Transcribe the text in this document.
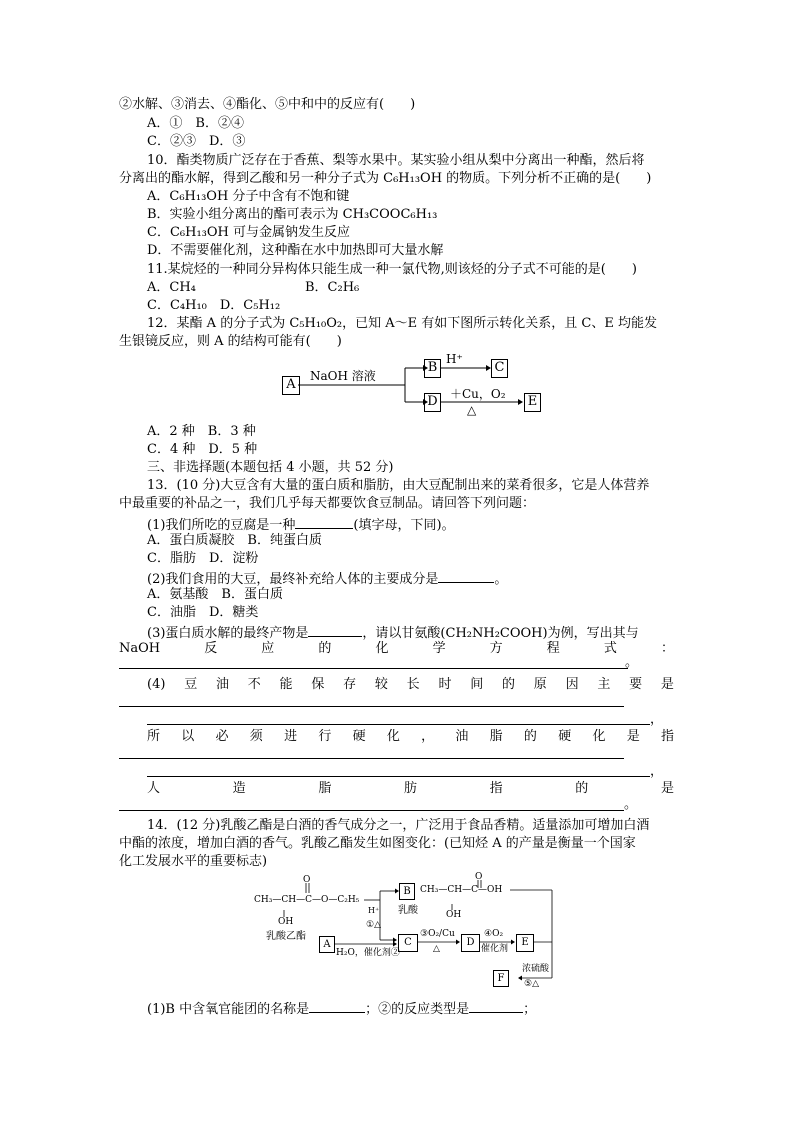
②水解、③消去、④酯化、⑤中和中的反应有(　　)
A．①　B．②④
C．②③　D．③
10．酯类物质广泛存在于香蕉、梨等水果中。某实验小组从梨中分离出一种酯，然后将
分离出的酯水解，得到乙酸和另一种分子式为 C₆H₁₃OH 的物质。下列分析不正确的是(　　)
A．C₆H₁₃OH 分子中含有不饱和键
B．实验小组分离出的酯可表示为 CH₃COOC₆H₁₃
C．C₆H₁₃OH 可与金属钠发生反应
D．不需要催化剂，这种酯在水中加热即可大量水解
11.某烷烃的一种同分异构体只能生成一种一氯代物,则该烃的分子式不可能的是(　　)
A．CH₄	B．C₂H₆
C．C₄H₁₀　D．C₅H₁₂
12．某酯 A 的分子式为 C₅H₁₀O₂，已知 A～E 有如下图所示转化关系，且 C、E 均能发
生银镜反应，则 A 的结构可能有(　　)
A
NaOH 溶液
B
H⁺
C
D ＋Cu，O₂
△
E
A．2 种　B．3 种
C．4 种　D．5 种
三、非选择题(本题包括 4 小题，共 52 分)
13．(10 分)大豆含有大量的蛋白质和脂肪，由大豆配制出来的菜肴很多，它是人体营养
中最重要的补品之一，我们几乎每天都要饮食豆制品。请回答下列问题：
(1)我们所吃的豆腐是一种	(填字母，下同)。
A．蛋白质凝胶　B．纯蛋白质
C．脂肪　D．淀粉
(2)我们食用的大豆，最终补充给人体的主要成分是	。
A．氨基酸　B．蛋白质
C．油脂　D．糖类
(3)蛋白质水解的最终产物是	，请以甘氨酸(CH₂NH₂COOH)为例，写出其与
NaOH	反	应	的	化	学	方	程	式	：
。
(4) 豆 油 不 能 保 存 较 长 时 间 的 原 因 主 要 是
，
所 以 必 须 进 行 硬 化 ， 油 脂 的 硬 化 是 指
，
人	造	脂	肪	指	的	是
。
14．(12 分)乳酸乙酯是白酒的香气成分之一，广泛用于食品香精。适量添加可增加白酒
中酯的浓度，增加白酒的香气。乳酸乙酯发生如图变化：(已知烃 A 的产量是衡量一个国家
化工发展水平的重要标志)
CH₃—CH—C—O—C₂H₅
O
OH
乳酸乙酯
H⁺
①△
B
乳酸
CH₃—CH—C—OH
O
OH
A
H₂O，催化剂②
C
③O₂/Cu
△
D
④O₂
催化剂
E
浓硫酸
⑤△
F
(1)B 中含氧官能团的名称是	；②的反应类型是	；
